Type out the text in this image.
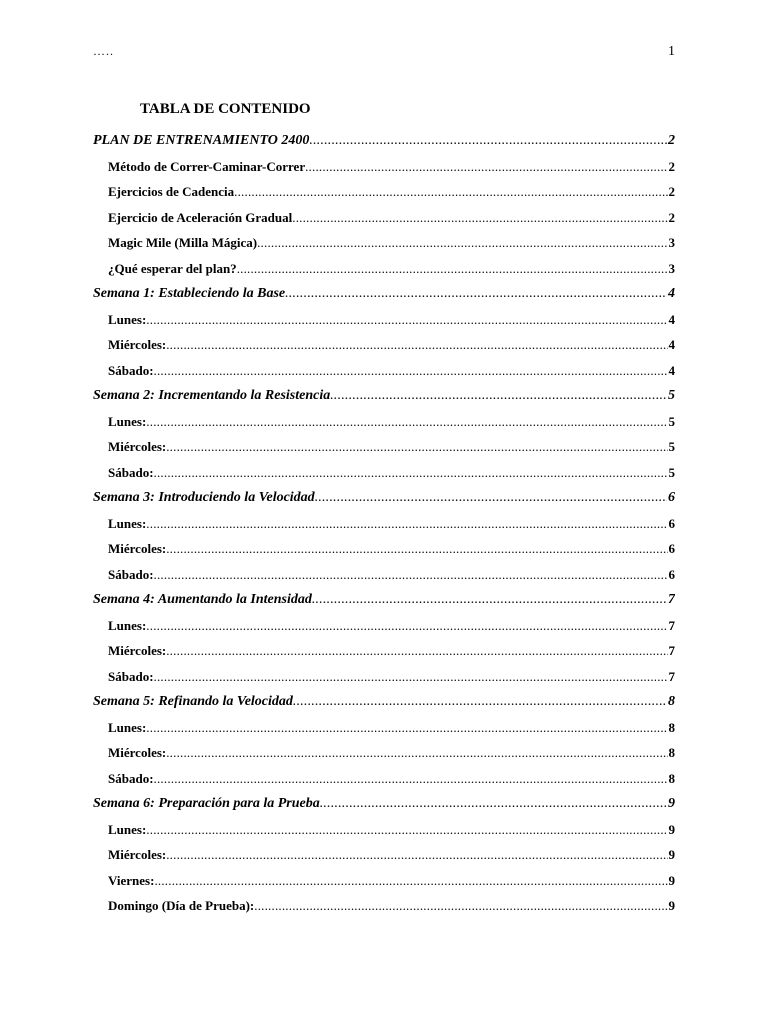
…..	1
TABLA DE CONTENIDO
PLAN DE ENTRENAMIENTO 2400 .....	2
Método de Correr-Caminar-Correr .....	2
Ejercicios de Cadencia .....	2
Ejercicio de Aceleración Gradual .....	2
Magic Mile (Milla Mágica) .....	3
¿Qué esperar del plan? .....	3
Semana 1: Estableciendo la Base .....	4
Lunes: .....	4
Miércoles: .....	4
Sábado: .....	4
Semana 2: Incrementando la Resistencia .....	5
Lunes: .....	5
Miércoles: .....	5
Sábado: .....	5
Semana 3: Introduciendo la Velocidad .....	6
Lunes: .....	6
Miércoles: .....	6
Sábado: .....	6
Semana 4: Aumentando la Intensidad .....	7
Lunes: .....	7
Miércoles: .....	7
Sábado: .....	7
Semana 5: Refinando la Velocidad .....	8
Lunes: .....	8
Miércoles: .....	8
Sábado: .....	8
Semana 6: Preparación para la Prueba .....	9
Lunes: .....	9
Miércoles: .....	9
Viernes: .....	9
Domingo (Día de Prueba): .....	9
